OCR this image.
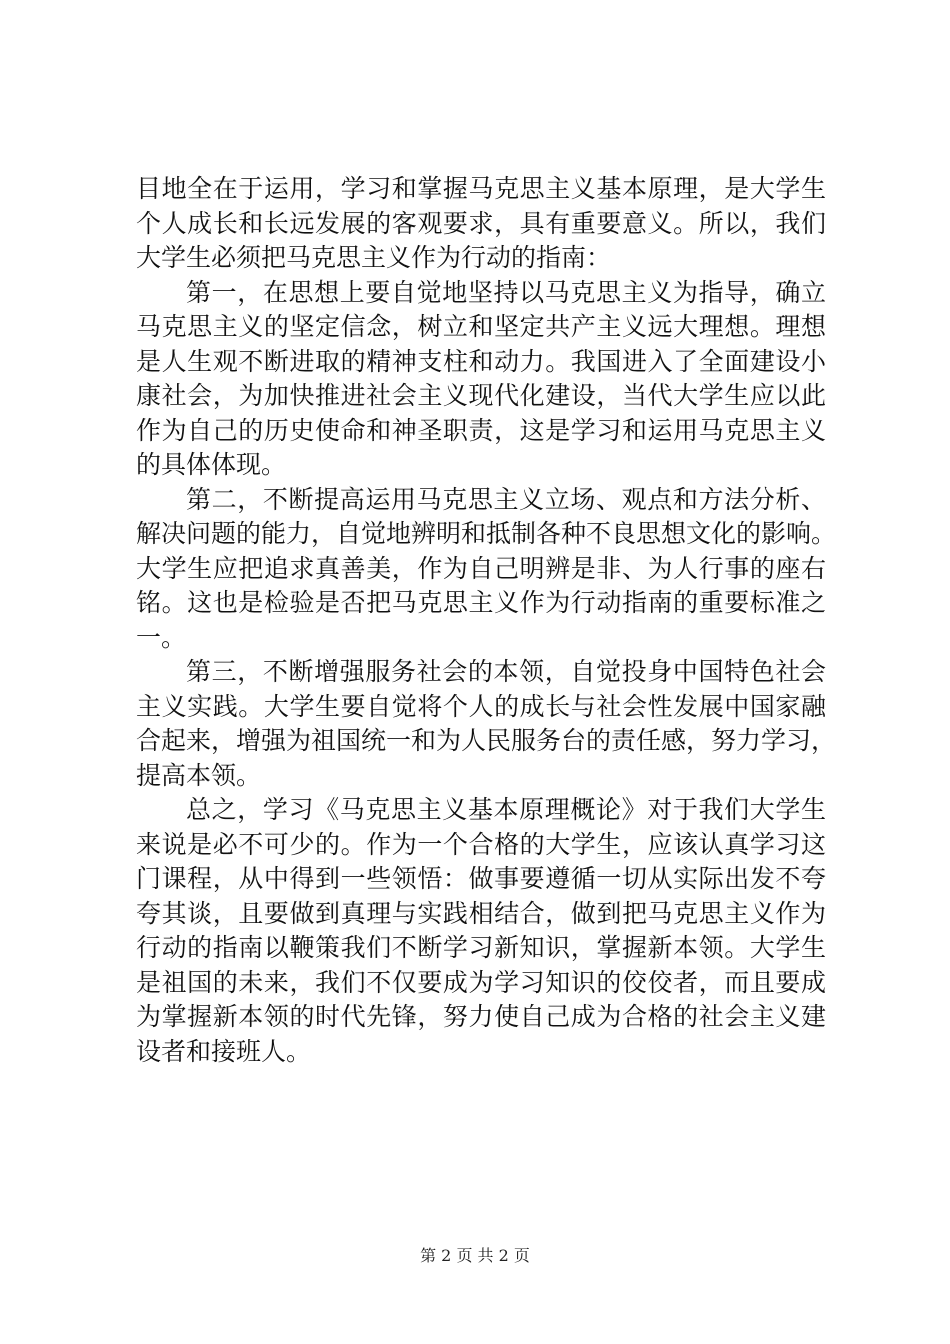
目地全在于运用，学习和掌握马克思主义基本原理，是大学生
个人成长和长远发展的客观要求，具有重要意义。所以，我们
大学生必须把马克思主义作为行动的指南：
第一，在思想上要自觉地坚持以马克思主义为指导，确立
马克思主义的坚定信念，树立和坚定共产主义远大理想。理想
是人生观不断进取的精神支柱和动力。我国进入了全面建设小
康社会，为加快推进社会主义现代化建设，当代大学生应以此
作为自己的历史使命和神圣职责，这是学习和运用马克思主义
的具体体现。
第二，不断提高运用马克思主义立场、观点和方法分析、
解决问题的能力，自觉地辨明和抵制各种不良思想文化的影响。
大学生应把追求真善美，作为自己明辨是非、为人行事的座右
铭。这也是检验是否把马克思主义作为行动指南的重要标准之
一。
第三，不断增强服务社会的本领，自觉投身中国特色社会
主义实践。大学生要自觉将个人的成长与社会性发展中国家融
合起来，增强为祖国统一和为人民服务台的责任感，努力学习，
提高本领。
总之，学习《马克思主义基本原理概论》对于我们大学生
来说是必不可少的。作为一个合格的大学生，应该认真学习这
门课程，从中得到一些领悟：做事要遵循一切从实际出发不夸
夸其谈，且要做到真理与实践相结合，做到把马克思主义作为
行动的指南以鞭策我们不断学习新知识，掌握新本领。大学生
是祖国的未来，我们不仅要成为学习知识的佼佼者，而且要成
为掌握新本领的时代先锋，努力使自己成为合格的社会主义建
设者和接班人。
第 2 页 共 2 页
